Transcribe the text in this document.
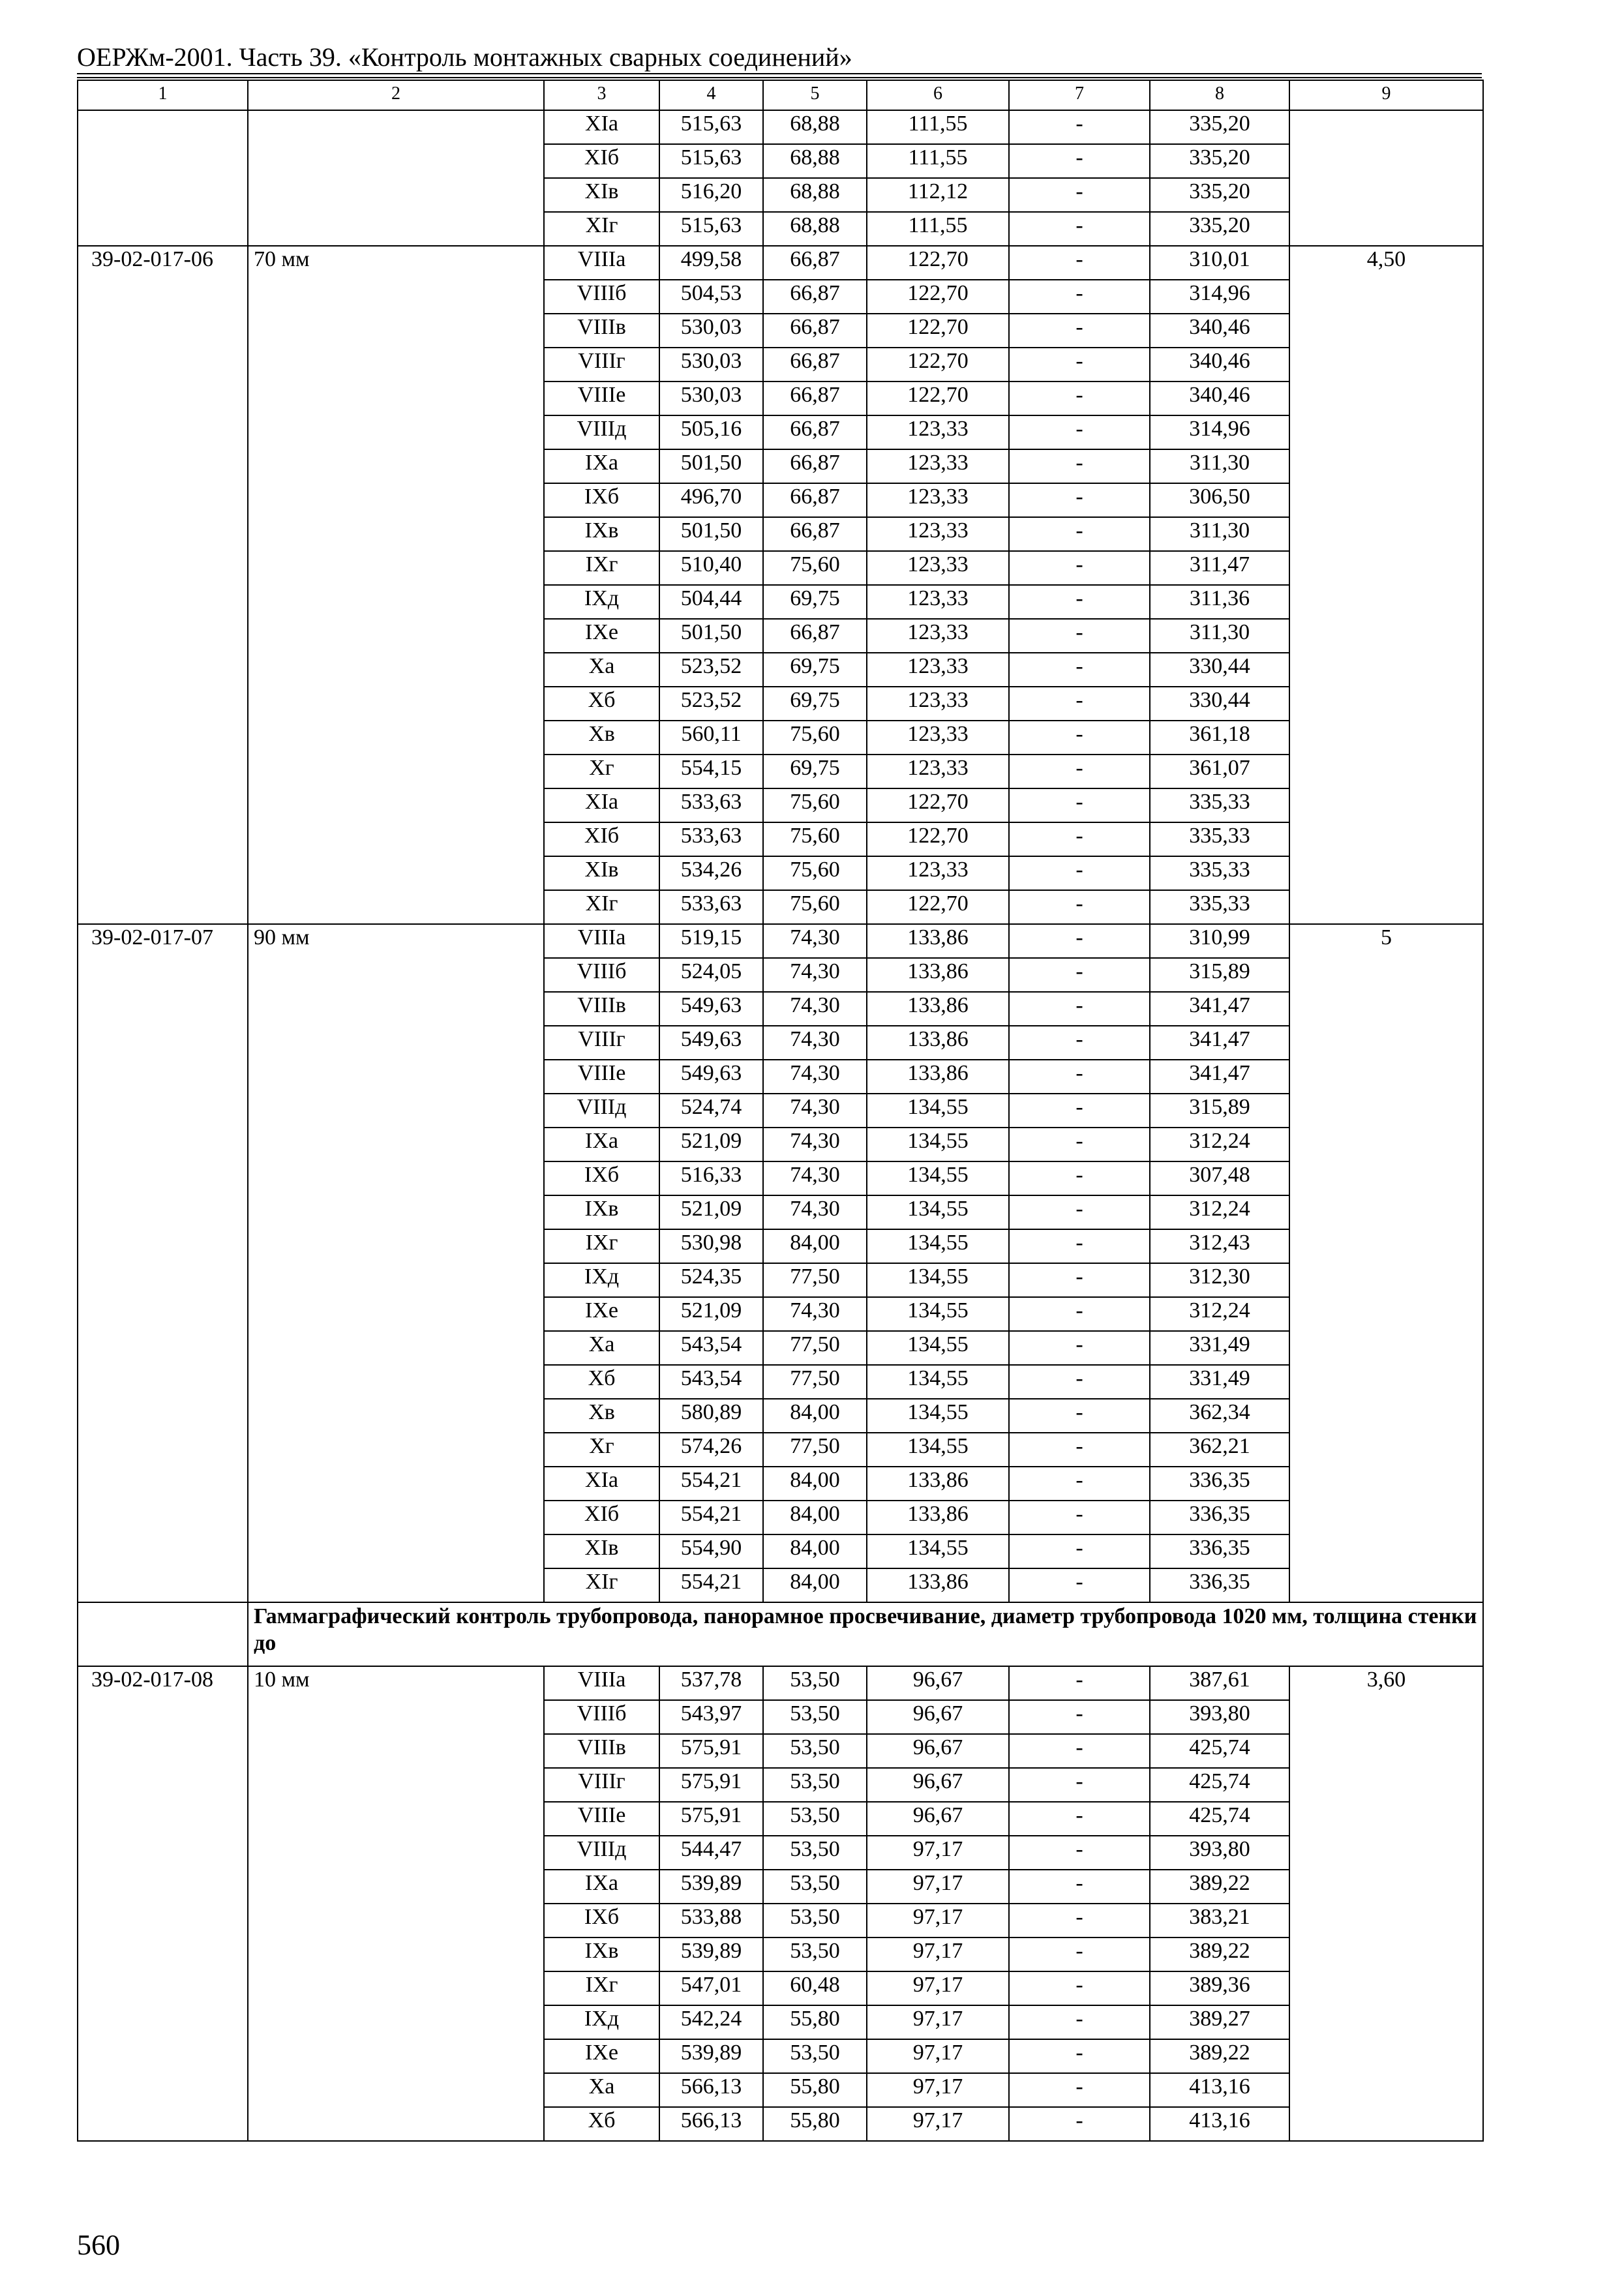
ОЕРЖм-2001. Часть 39. «Контроль монтажных сварных соединений»
1	2	3	4	5	6	7	8	9
		XIа	515,63	68,88	111,55	-	335,20	
		XIб	515,63	68,88	111,55	-	335,20	
		XIв	516,20	68,88	112,12	-	335,20	
		XIг	515,63	68,88	111,55	-	335,20	
39-02-017-06	70 мм	VIIIа	499,58	66,87	122,70	-	310,01	4,50
		VIIIб	504,53	66,87	122,70	-	314,96	
		VIIIв	530,03	66,87	122,70	-	340,46	
		VIIIг	530,03	66,87	122,70	-	340,46	
		VIIIе	530,03	66,87	122,70	-	340,46	
		VIIIд	505,16	66,87	123,33	-	314,96	
		IXа	501,50	66,87	123,33	-	311,30	
		IXб	496,70	66,87	123,33	-	306,50	
		IXв	501,50	66,87	123,33	-	311,30	
		IXг	510,40	75,60	123,33	-	311,47	
		IXд	504,44	69,75	123,33	-	311,36	
		IXе	501,50	66,87	123,33	-	311,30	
		Xа	523,52	69,75	123,33	-	330,44	
		Xб	523,52	69,75	123,33	-	330,44	
		Xв	560,11	75,60	123,33	-	361,18	
		Xг	554,15	69,75	123,33	-	361,07	
		XIа	533,63	75,60	122,70	-	335,33	
		XIб	533,63	75,60	122,70	-	335,33	
		XIв	534,26	75,60	123,33	-	335,33	
		XIг	533,63	75,60	122,70	-	335,33	
39-02-017-07	90 мм	VIIIа	519,15	74,30	133,86	-	310,99	5
		VIIIб	524,05	74,30	133,86	-	315,89	
		VIIIв	549,63	74,30	133,86	-	341,47	
		VIIIг	549,63	74,30	133,86	-	341,47	
		VIIIе	549,63	74,30	133,86	-	341,47	
		VIIIд	524,74	74,30	134,55	-	315,89	
		IXа	521,09	74,30	134,55	-	312,24	
		IXб	516,33	74,30	134,55	-	307,48	
		IXв	521,09	74,30	134,55	-	312,24	
		IXг	530,98	84,00	134,55	-	312,43	
		IXд	524,35	77,50	134,55	-	312,30	
		IXе	521,09	74,30	134,55	-	312,24	
		Xа	543,54	77,50	134,55	-	331,49	
		Xб	543,54	77,50	134,55	-	331,49	
		Xв	580,89	84,00	134,55	-	362,34	
		Xг	574,26	77,50	134,55	-	362,21	
		XIа	554,21	84,00	133,86	-	336,35	
		XIб	554,21	84,00	133,86	-	336,35	
		XIв	554,90	84,00	134,55	-	336,35	
		XIг	554,21	84,00	133,86	-	336,35	
	Гаммаграфический контроль трубопровода, панорамное просвечивание, диаметр трубопровода 1020 мм, толщина стенки до							
39-02-017-08	10 мм	VIIIа	537,78	53,50	96,67	-	387,61	3,60
		VIIIб	543,97	53,50	96,67	-	393,80	
		VIIIв	575,91	53,50	96,67	-	425,74	
		VIIIг	575,91	53,50	96,67	-	425,74	
		VIIIе	575,91	53,50	96,67	-	425,74	
		VIIIд	544,47	53,50	97,17	-	393,80	
		IXа	539,89	53,50	97,17	-	389,22	
		IXб	533,88	53,50	97,17	-	383,21	
		IXв	539,89	53,50	97,17	-	389,22	
		IXг	547,01	60,48	97,17	-	389,36	
		IXд	542,24	55,80	97,17	-	389,27	
		IXе	539,89	53,50	97,17	-	389,22	
		Xа	566,13	55,80	97,17	-	413,16	
		Xб	566,13	55,80	97,17	-	413,16	
560
